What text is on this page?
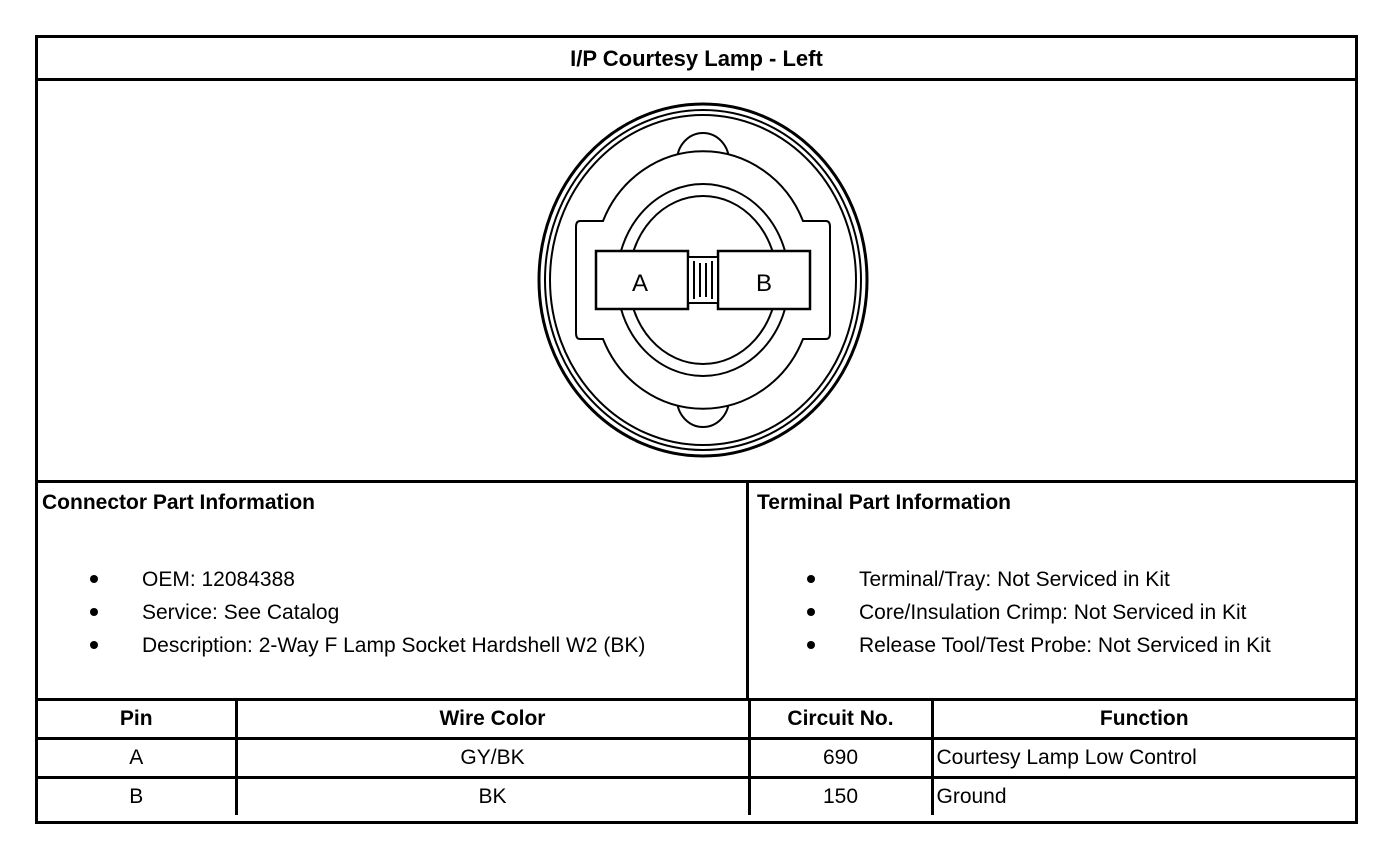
I/P Courtesy Lamp - Left
A	B
Connector Part Information
OEM: 12084388
Service: See Catalog
Description: 2-Way F Lamp Socket Hardshell W2 (BK)
Terminal Part Information
Terminal/Tray: Not Serviced in Kit
Core/Insulation Crimp: Not Serviced in Kit
Release Tool/Test Probe: Not Serviced in Kit
Pin	Wire Color	Circuit No.	Function
A	GY/BK	690	Courtesy Lamp Low Control
B	BK	150	Ground
